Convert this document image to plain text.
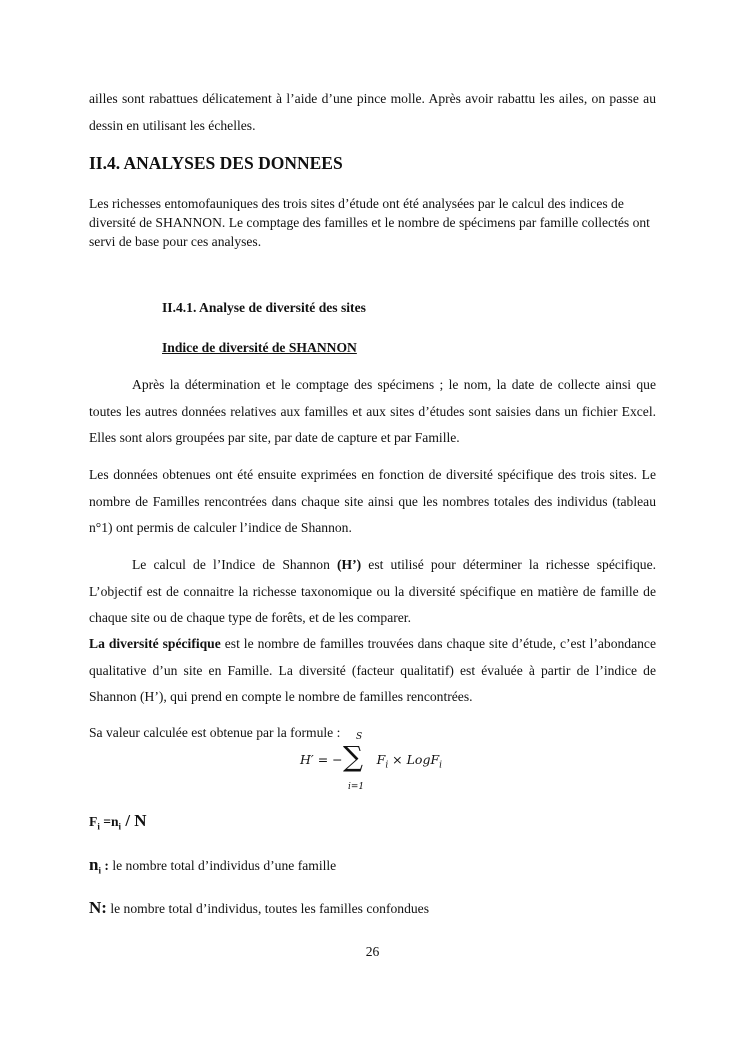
ailles sont rabattues délicatement à l’aide d’une pince molle. Après avoir rabattu les ailes, on passe au dessin en utilisant les échelles.

II.4. ANALYSES DES DONNEES

Les richesses entomofauniques des trois sites d’étude ont été analysées par le calcul des indices de diversité de SHANNON. Le comptage des familles et le nombre de spécimens par famille collectés ont servi de base pour ces analyses.

II.4.1. Analyse de diversité des sites

Indice de diversité de SHANNON

Après la détermination et le comptage des spécimens ; le nom, la date de collecte ainsi que toutes les autres données relatives aux familles et aux sites d’études sont saisies dans un fichier Excel. Elles sont alors groupées par site, par date de capture et par Famille.

Les données obtenues ont été ensuite exprimées en fonction de diversité spécifique des trois sites. Le nombre de Familles rencontrées dans chaque site ainsi que les nombres totales des individus (tableau n°1) ont permis de calculer l’indice de Shannon.

Le calcul de l’Indice de Shannon (H’) est utilisé pour déterminer la richesse spécifique. L’objectif est de connaitre la richesse taxonomique ou la diversité spécifique en matière de famille de chaque site ou de chaque type de forêts, et de les comparer.

La diversité spécifique est le nombre de familles trouvées dans chaque site d’étude, c’est l’abondance qualitative d’un site en Famille. La diversité (facteur qualitatif) est évaluée à partir de l’indice de Shannon (H’), qui prend en compte le nombre de familles rencontrées.

Sa valeur calculée est obtenue par la formule :

H′ = − ∑
S
i=1
$F_i$ × LogF$_i$

$F_i =n_i / N$

$n_i$ : le nombre total d’individus d’une famille

N: le nombre total d’individus, toutes les familles confondues

26
